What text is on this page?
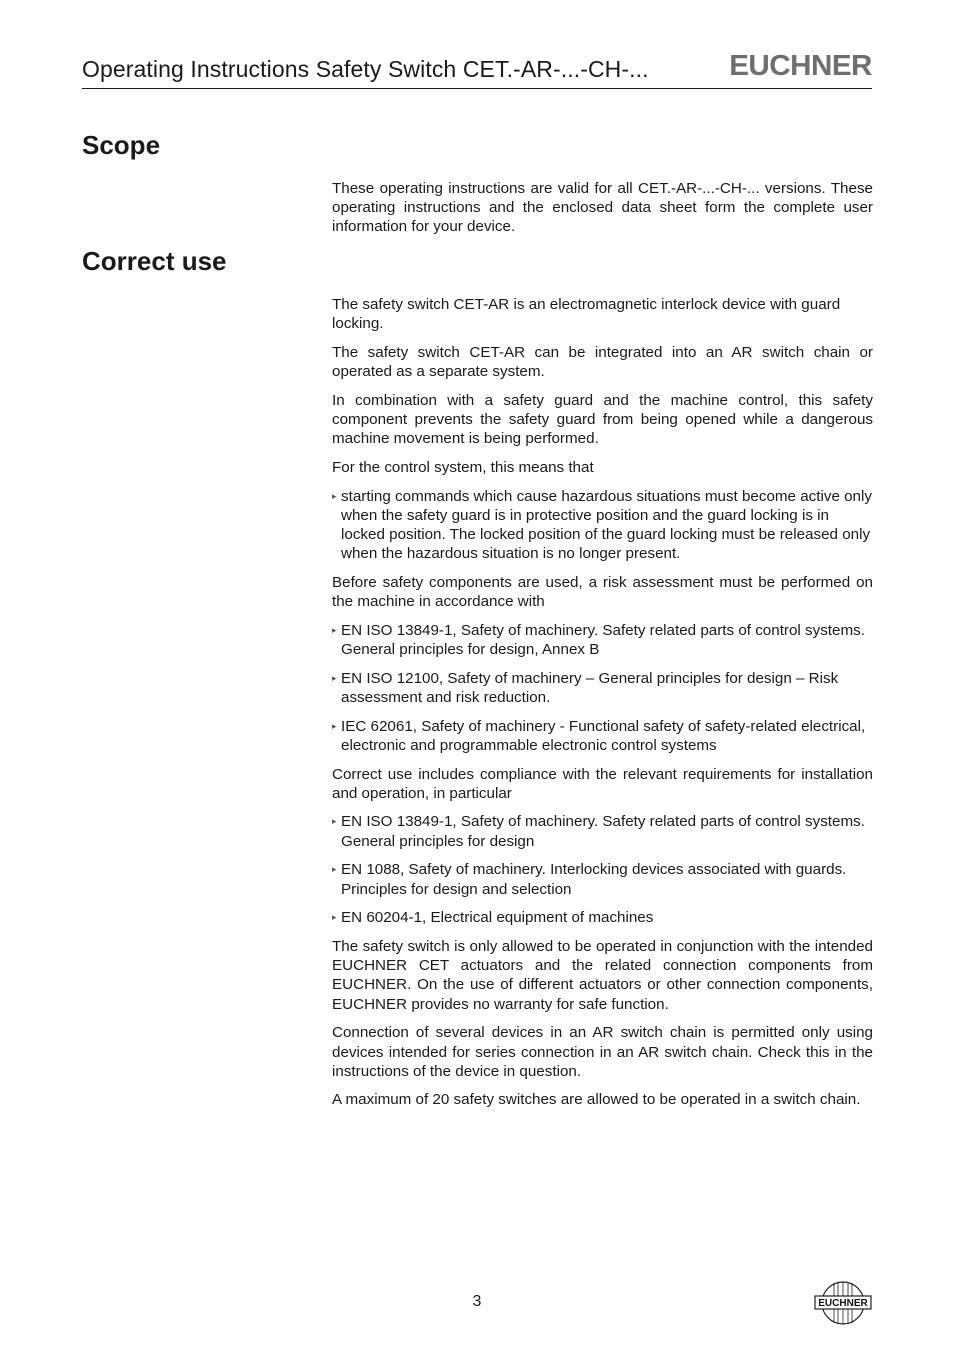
Operating Instructions Safety Switch CET.-AR-...-CH-...	EUCHNER
Scope

These operating instructions are valid for all CET.-AR-...-CH-... versions. These operating instructions and the enclosed data sheet form the complete user information for your device.

Correct use

The safety switch CET-AR is an electromagnetic interlock device with guard locking.

The safety switch CET-AR can be integrated into an AR switch chain or operated as a separate system.

In combination with a safety guard and the machine control, this safety component prevents the safety guard from being opened while a dangerous machine movement is being performed.

For the control system, this means that

▸ starting commands which cause hazardous situations must become active only when the safety guard is in protective position and the guard locking is in locked position. The locked position of the guard locking must be released only when the hazardous situation is no longer present.

Before safety components are used, a risk assessment must be performed on the machine in accordance with

▸ EN ISO 13849-1, Safety of machinery. Safety related parts of control systems. General principles for design, Annex B
▸ EN ISO 12100, Safety of machinery – General principles for design – Risk assessment and risk reduction.
▸ IEC 62061, Safety of machinery - Functional safety of safety-related electrical, electronic and programmable electronic control systems

Correct use includes compliance with the relevant requirements for installation and operation, in particular

▸ EN ISO 13849-1, Safety of machinery. Safety related parts of control systems. General principles for design
▸ EN 1088, Safety of machinery. Interlocking devices associated with guards. Principles for design and selection
▸ EN 60204-1, Electrical equipment of machines

The safety switch is only allowed to be operated in conjunction with the intended EUCHNER CET actuators and the related connection components from EUCHNER. On the use of different actuators or other connection components, EUCHNER provides no warranty for safe function.

Connection of several devices in an AR switch chain is permitted only using devices intended for series connection in an AR switch chain. Check this in the instructions of the device in question.

A maximum of 20 safety switches are allowed to be operated in a switch chain.

3	EUCHNER
